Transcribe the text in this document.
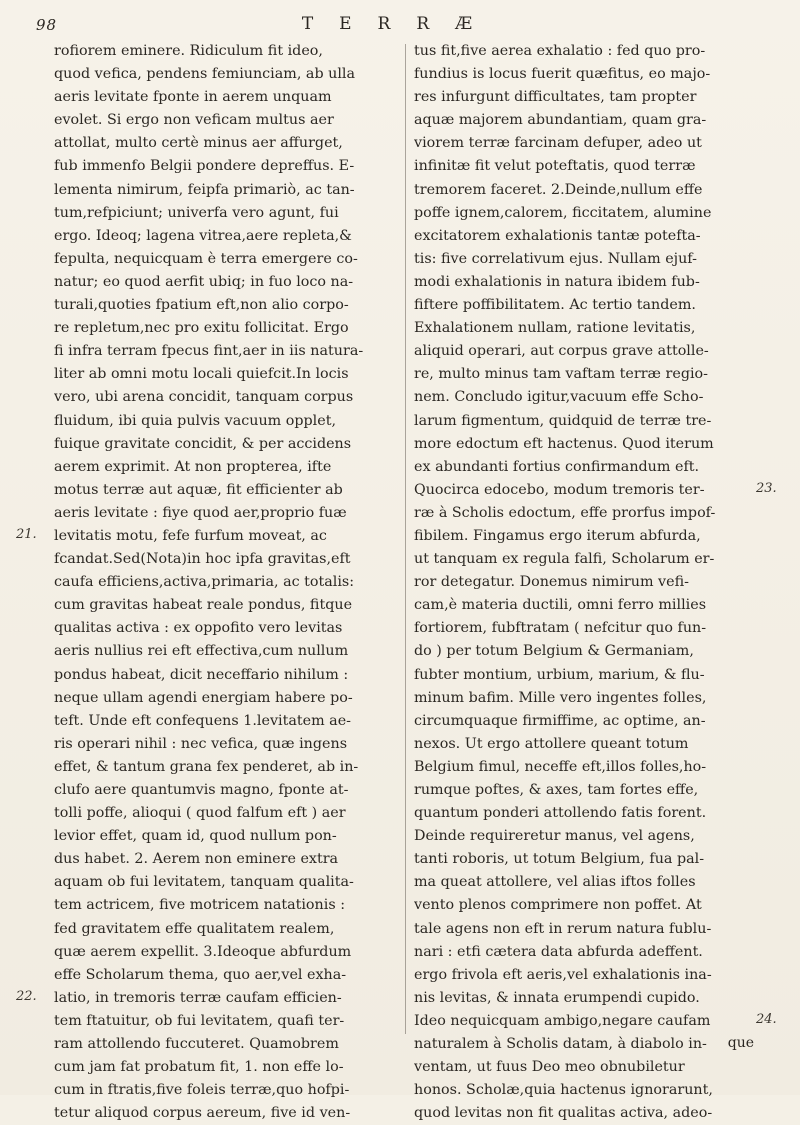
98	TERRÆ
rofiorem eminere. Ridiculum fit ideo,
quod vefica, pendens femiunciam, ab ulla
aeris levitate fponte in aerem unquam
evolet. Si ergo non veficam multus aer
attollat, multo certè minus aer affurget,
fub immenfo Belgii pondere depreffus. E-
lementa nimirum, feipfa primariò, ac tan-
tum,refpiciunt; univerfa vero agunt, fui
ergo. Ideoq; lagena vitrea,aere repleta,&
fepulta, nequicquam è terra emergere co-
natur; eo quod aerfit ubiq; in fuo loco na-
turali,quoties fpatium eft,non alio corpo-
re repletum,nec pro exitu follicitat. Ergo
fi infra terram fpecus fint,aer in iis natura-
liter ab omni motu locali quiefcit.In locis
vero, ubi arena concidit, tanquam corpus
fluidum, ibi quia pulvis vacuum opplet,
fuique gravitate concidit, & per accidens
aerem exprimit. At non propterea, ifte
motus terræ aut aquæ, fit efficienter ab
aeris levitate : fiye quod aer,proprio fuæ
levitatis motu, fefe furfum moveat, ac
fcandat.Sed(Nota)in hoc ipfa gravitas,eft
caufa efficiens,activa,primaria, ac totalis:
cum gravitas habeat reale pondus, fitque
qualitas activa : ex oppofito vero levitas
aeris nullius rei eft effectiva,cum nullum
pondus habeat, dicit neceffario nihilum :
neque ullam agendi energiam habere po-
teft. Unde eft confequens 1.levitatem ae-
ris operari nihil : nec vefica, quæ ingens
effet, & tantum grana fex penderet, ab in-
clufo aere quantumvis magno, fponte at-
tolli poffe, alioqui ( quod falfum eft ) aer
levior effet, quam id, quod nullum pon-
dus habet. 2. Aerem non eminere extra
aquam ob fui levitatem, tanquam qualita-
tem actricem, five motricem natationis :
fed gravitatem effe qualitatem realem,
quæ aerem expellit. 3.Ideoque abfurdum
effe Scholarum thema, quo aer,vel exha-
latio, in tremoris terræ caufam efficien-
tem ftatuitur, ob fui levitatem, quafi ter-
ram attollendo fuccuteret. Quamobrem
cum jam fat probatum fit, 1. non effe lo-
cum in ftratis,five foleis terræ,quo hofpi-
tetur aliquod corpus aereum, five id ven-
tus fit,five aerea exhalatio : fed quo pro-
fundius is locus fuerit quæfitus, eo majo-
res infurgunt difficultates, tam propter
aquæ majorem abundantiam, quam gra-
viorem terræ farcinam defuper, adeo ut
infinitæ fit velut poteftatis, quod terræ
tremorem faceret. 2.Deinde,nullum effe
poffe ignem,calorem, ficcitatem, alumine
excitatorem exhalationis tantæ potefta-
tis: five correlativum ejus. Nullam ejuf-
modi exhalationis in natura ibidem fub-
fiftere poffibilitatem. Ac tertio tandem.
Exhalationem nullam, ratione levitatis,
aliquid operari, aut corpus grave attolle-
re, multo minus tam vaftam terræ regio-
nem. Concludo igitur,vacuum effe Scho-
larum figmentum, quidquid de terræ tre-
more edoctum eft hactenus. Quod iterum
ex abundanti fortius confirmandum eft.
Quocirca edocebo, modum tremoris ter-
ræ à Scholis edoctum, effe prorfus impof-
fibilem. Fingamus ergo iterum abfurda,
ut tanquam ex regula falfi, Scholarum er-
ror detegatur. Donemus nimirum vefi-
cam,è materia ductili, omni ferro millies
fortiorem, fubftratam ( nefcitur quo fun-
do ) per totum Belgium & Germaniam,
fubter montium, urbium, marium, & flu-
minum bafim. Mille vero ingentes folles,
circumquaque firmiffime, ac optime, an-
nexos. Ut ergo attollere queant totum
Belgium fimul, neceffe eft,illos folles,ho-
rumque poftes, & axes, tam fortes effe,
quantum ponderi attollendo fatis forent.
Deinde requireretur manus, vel agens,
tanti roboris, ut totum Belgium, fua pal-
ma queat attollere, vel alias iftos folles
vento plenos comprimere non poffet. At
tale agens non eft in rerum natura fublu-
nari : etfi cætera data abfurda adeffent.
ergo frivola eft aeris,vel exhalationis ina-
nis levitas, & innata erumpendi cupido.
Ideo nequicquam ambigo,negare caufam
naturalem à Scholis datam, à diabolo in-
ventam, ut fuus Deo meo obnubiletur
honos. Scholæ,quia hactenus ignorarunt,
quod levitas non fit qualitas activa, adeo-
21.
22.
23.
24.
que
